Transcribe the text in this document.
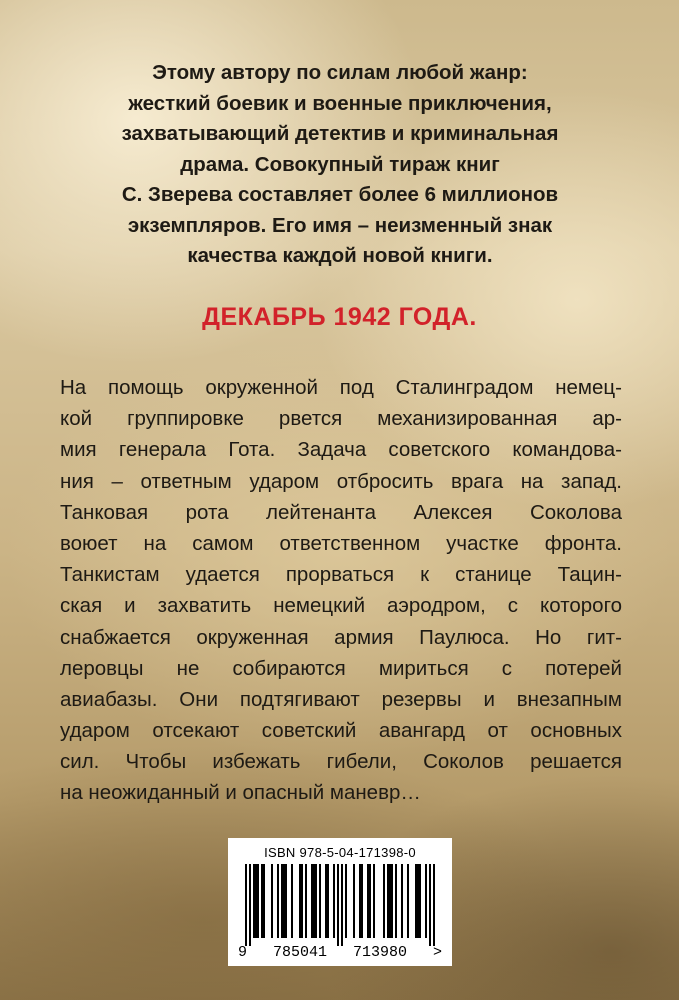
Этому автору по силам любой жанр:
жесткий боевик и военные приключения,
захватывающий детектив и криминальная
драма. Совокупный тираж книг
С. Зверева составляет более 6 миллионов
экземпляров. Его имя – неизменный знак
качества каждой новой книги.
ДЕКАБРЬ 1942 ГОДА.
На помощь окруженной под Сталинградом немец-
кой группировке рвется механизированная ар-
мия генерала Гота. Задача советского командова-
ния – ответным ударом отбросить врага на запад.
Танковая рота лейтенанта Алексея Соколова
воюет на самом ответственном участке фронта.
Танкистам удается прорваться к станице Тацин-
ская и захватить немецкий аэродром, с которого
снабжается окруженная армия Паулюса. Но гит-
леровцы не собираются мириться с потерей
авиабазы. Они подтягивают резервы и внезапным
ударом отсекают советский авангард от основных
сил. Чтобы избежать гибели, Соколов решается
на неожиданный и опасный маневр…
ISBN 978-5-04-171398-0
9 785041 713980 >
